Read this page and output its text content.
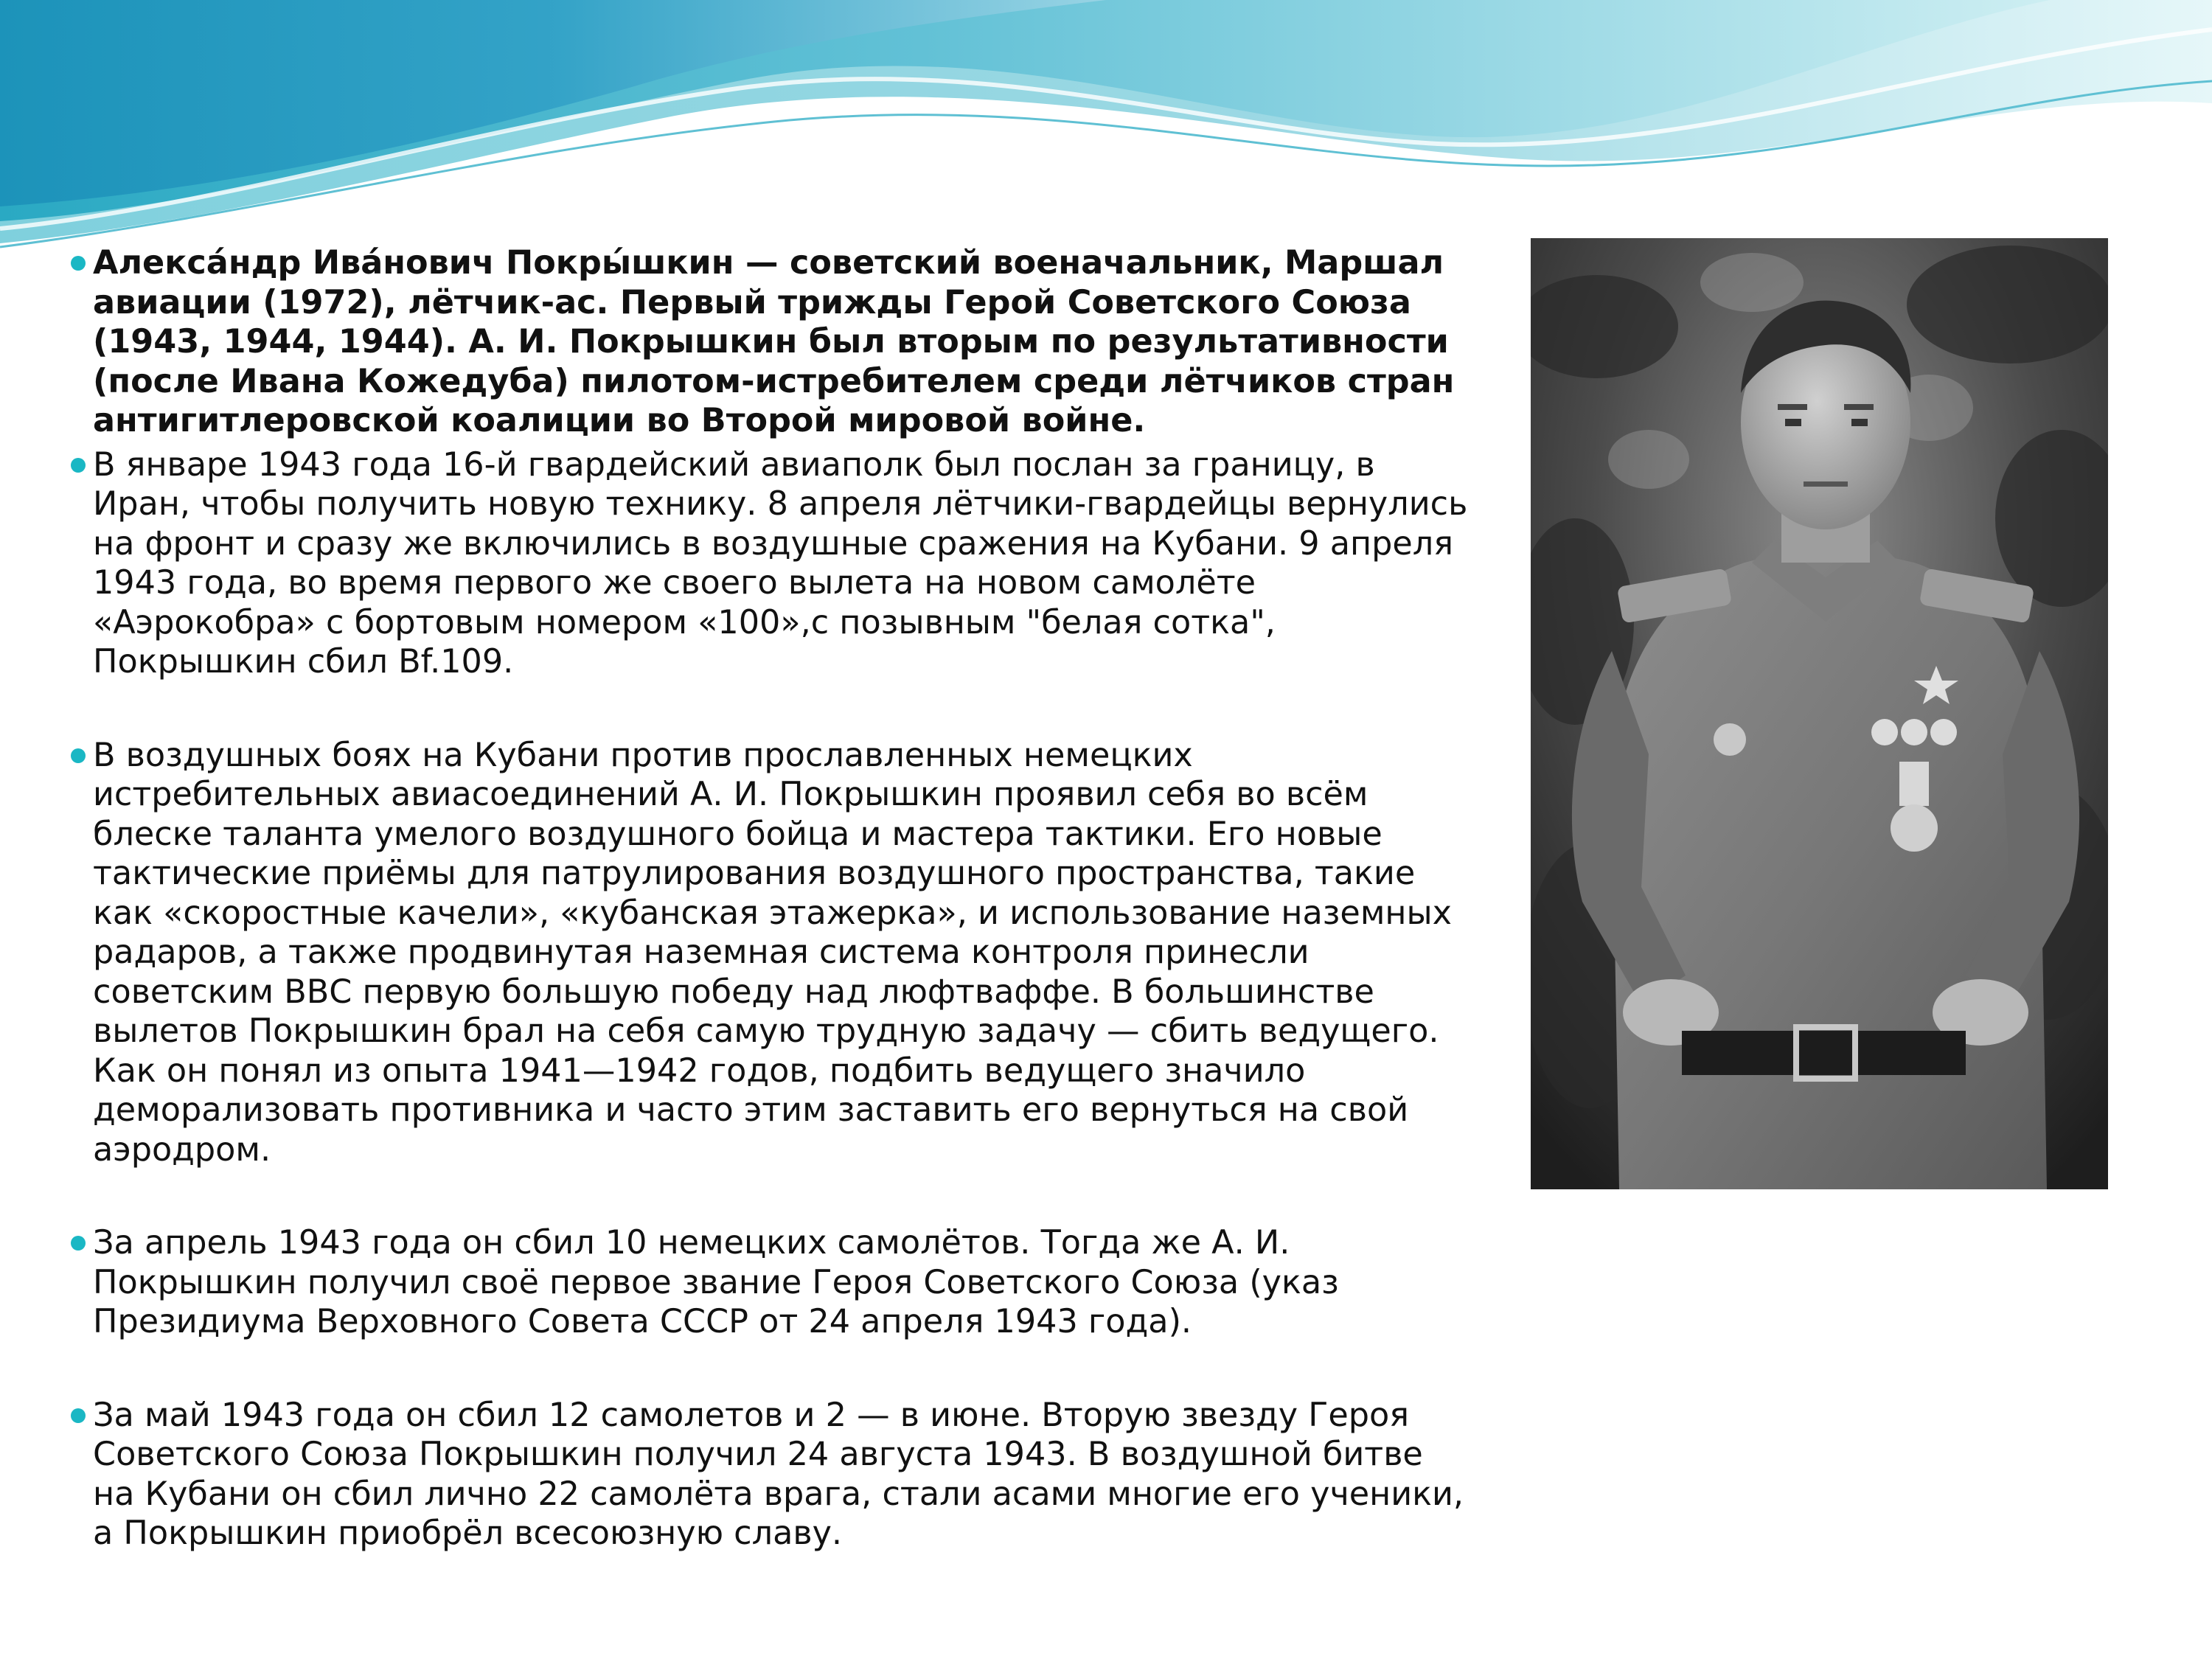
Алекса́ндр Ива́нович Покры́шкин — советский военачальник, Маршал авиации (1972), лётчик-ас. Первый трижды Герой Советского Союза (1943, 1944, 1944). А. И. Покрышкин был вторым по результативности (после Ивана Кожедуба) пилотом-истребителем среди лётчиков стран антигитлеровской коалиции во Второй мировой войне.

В январе 1943 года 16-й гвардейский авиаполк был послан за границу, в Иран, чтобы получить новую технику. 8 апреля лётчики-гвардейцы вернулись на фронт и сразу же включились в воздушные сражения на Кубани. 9 апреля 1943 года, во время первого же своего вылета на новом самолёте «Аэрокобра» с бортовым номером «100»,с позывным "белая сотка", Покрышкин сбил Bf.109.

В воздушных боях на Кубани против прославленных немецких истребительных авиасоединений А. И. Покрышкин проявил себя во всём блеске таланта умелого воздушного бойца и мастера тактики. Его новые тактические приёмы для патрулирования воздушного пространства, такие как «скоростные качели», «кубанская этажерка», и использование наземных радаров, а также продвинутая наземная система контроля принесли советским ВВС первую большую победу над люфтваффе. В большинстве вылетов Покрышкин брал на себя самую трудную задачу — сбить ведущего. Как он понял из опыта 1941—1942 годов, подбить ведущего значило деморализовать противника и часто этим заставить его вернуться на свой аэродром.

За апрель 1943 года он сбил 10 немецких самолётов. Тогда же А. И. Покрышкин получил своё первое звание Героя Советского Союза (указ Президиума Верховного Совета СССР от 24 апреля 1943 года).

За май 1943 года он сбил 12 самолетов и 2 — в июне. Вторую звезду Героя Советского Союза Покрышкин получил 24 августа 1943. В воздушной битве на Кубани он сбил лично 22 самолёта врага, стали асами многие его ученики, а Покрышкин приобрёл всесоюзную славу.
